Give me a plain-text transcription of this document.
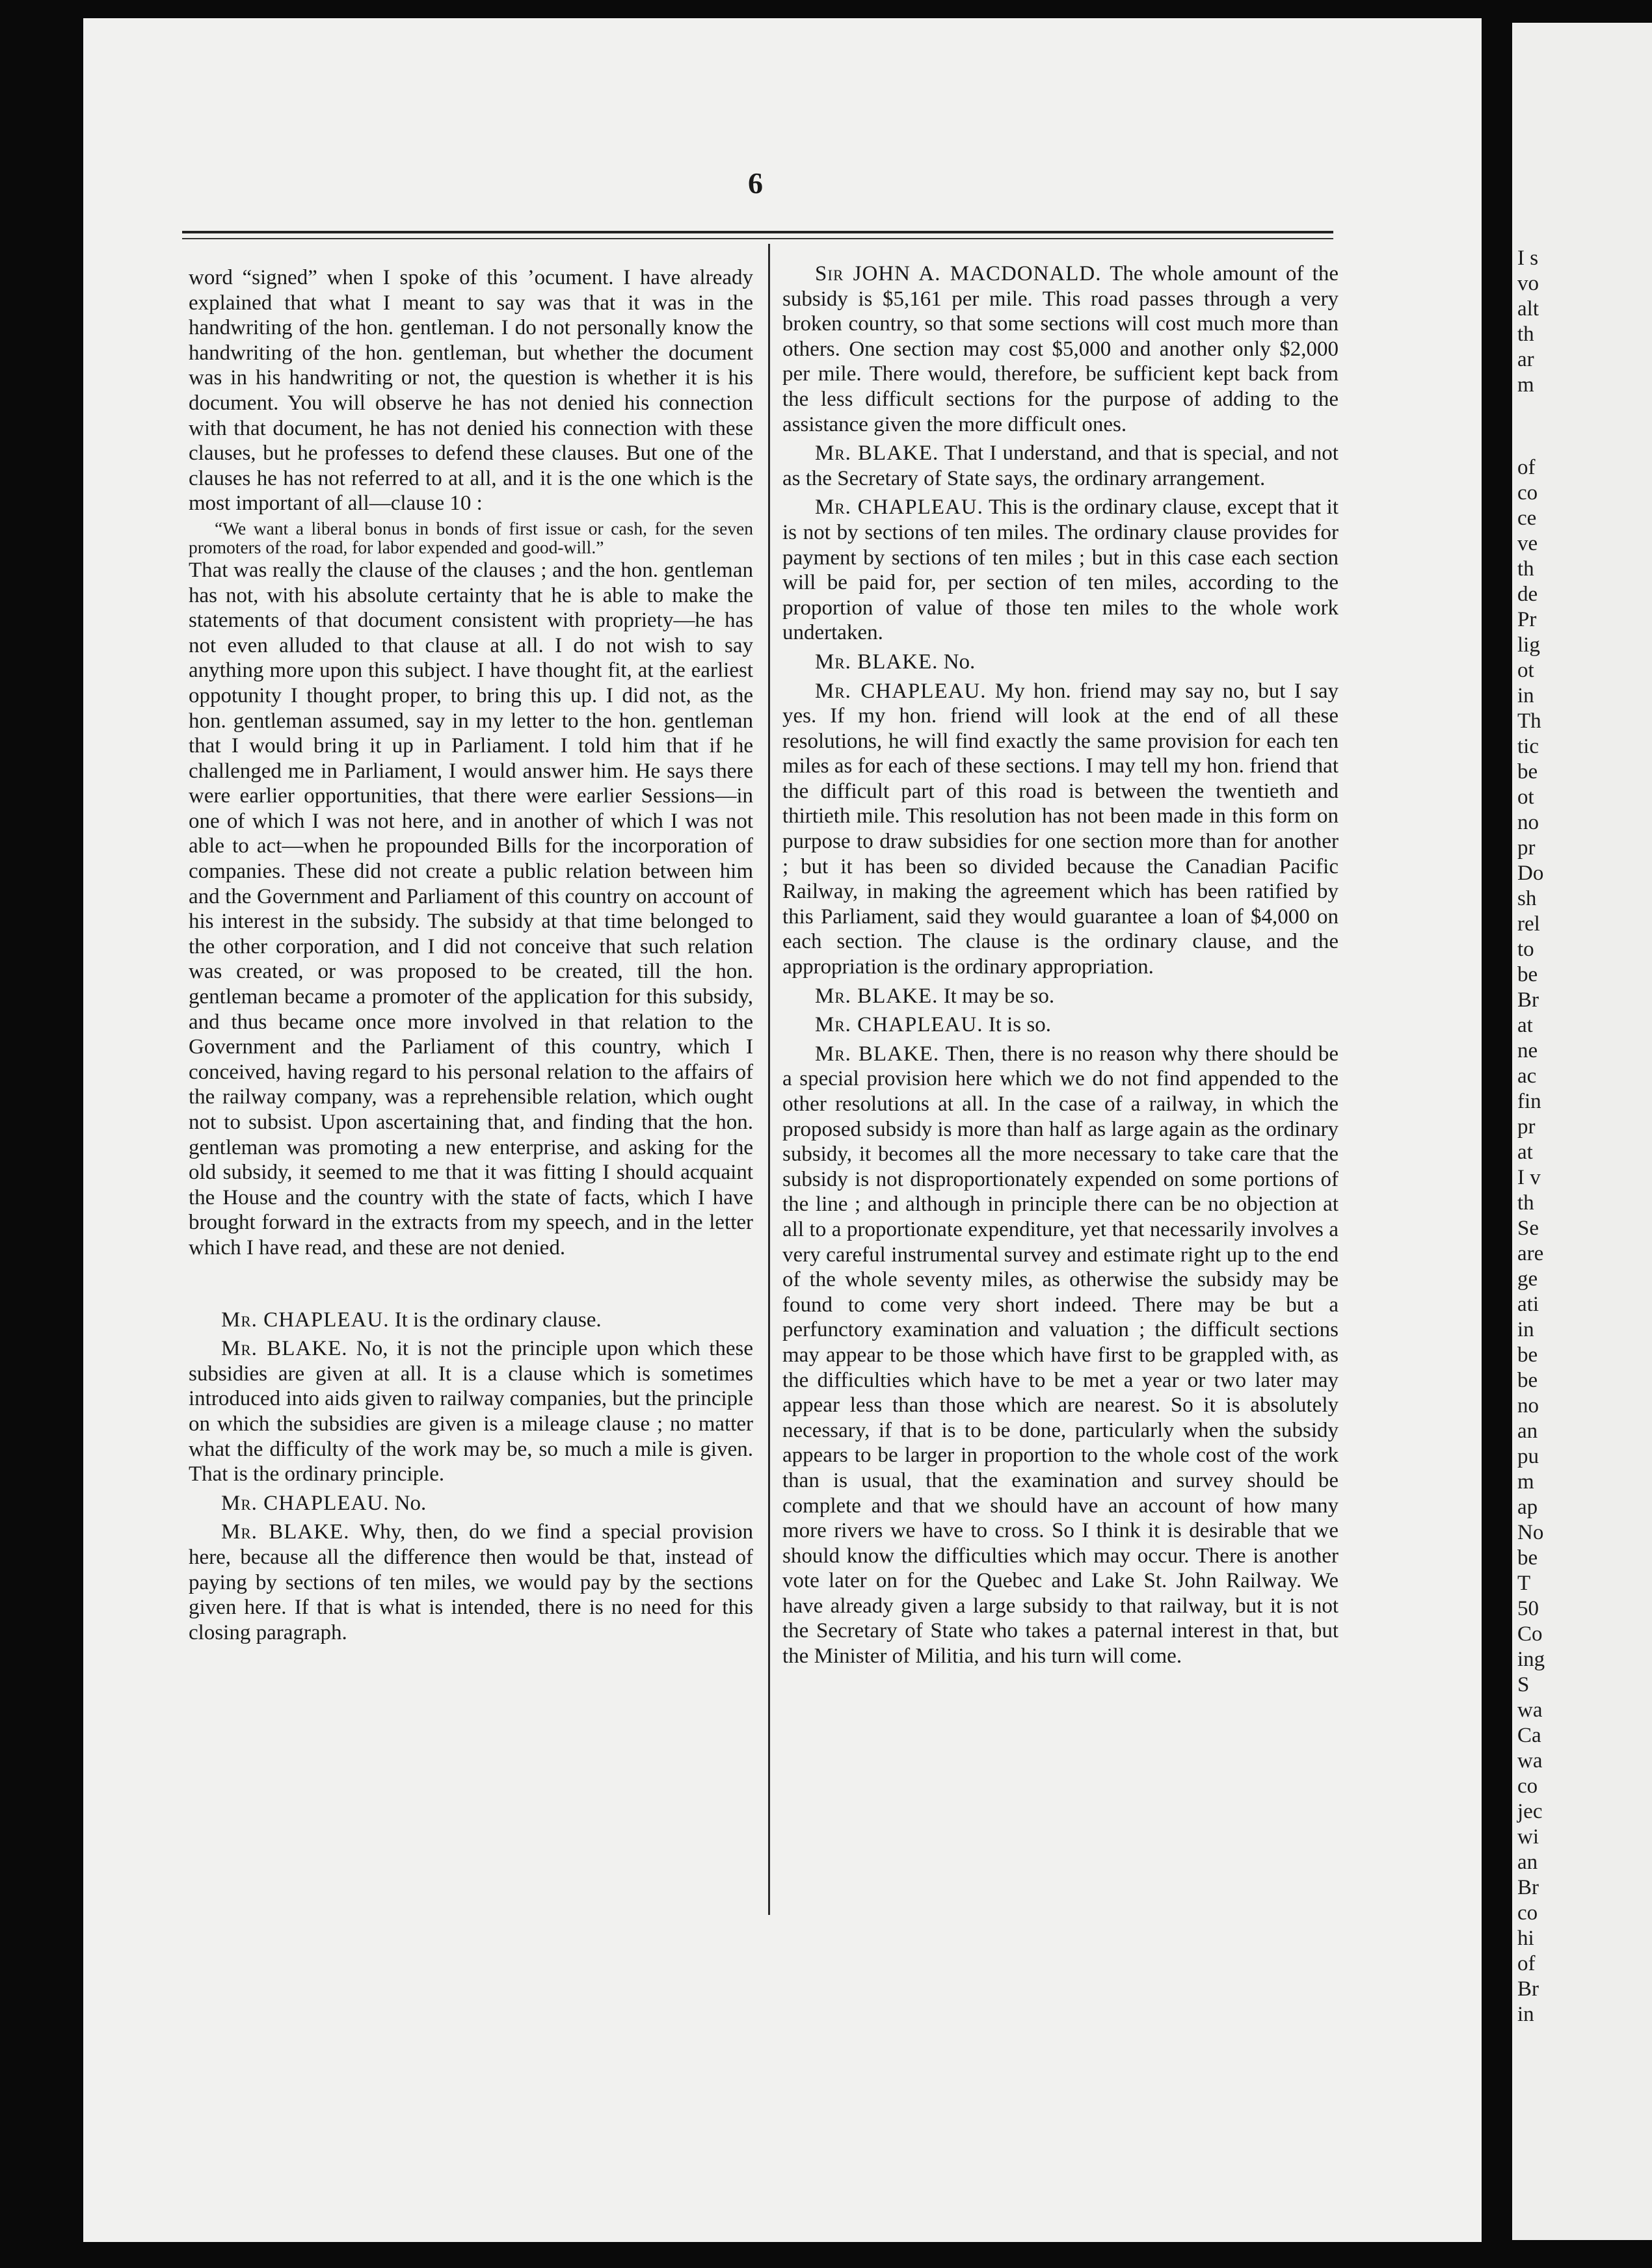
6

word “signed” when I spoke of this ’ocument. I have already explained that what I meant to say was that it was in the handwriting of the hon. gentleman. I do not personally know the handwriting of the hon. gentleman, but whether the document was in his handwriting or not, the question is whether it is his document. You will observe he has not denied his connection with that document, he has not denied his connection with these clauses, but he professes to defend these clauses. But one of the clauses he has not referred to at all, and it is the one which is the most important of all—clause 10 :

“We want a liberal bonus in bonds of first issue or cash, for the seven promoters of the road, for labor expended and good-will.”

That was really the clause of the clauses ; and the hon. gentleman has not, with his absolute certainty that he is able to make the statements of that document consistent with propriety—he has not even alluded to that clause at all. I do not wish to say anything more upon this subject. I have thought fit, at the earliest oppotunity I thought proper, to bring this up. I did not, as the hon. gentleman assumed, say in my letter to the hon. gentleman that I would bring it up in Parliament. I told him that if he challenged me in Parliament, I would answer him. He says there were earlier opportunities, that there were earlier Sessions—in one of which I was not here, and in another of which I was not able to act—when he propounded Bills for the incorporation of companies. These did not create a public relation between him and the Government and Parliament of this country on account of his interest in the subsidy. The subsidy at that time belonged to the other corporation, and I did not conceive that such relation was created, or was proposed to be created, till the hon. gentleman became a promoter of the application for this subsidy, and thus became once more involved in that relation to the Government and the Parliament of this country, which I conceived, having regard to his personal relation to the affairs of the railway company, was a reprehensible relation, which ought not to subsist. Upon ascertaining that, and finding that the hon. gentleman was promoting a new enterprise, and asking for the old subsidy, it seemed to me that it was fitting I should acquaint the House and the country with the state of facts, which I have brought forward in the extracts from my speech, and in the letter which I have read, and these are not denied.

Mr. CHAPLEAU. It is the ordinary clause.

Mr. BLAKE. No, it is not the principle upon which these subsidies are given at all. It is a clause which is sometimes introduced into aids given to railway companies, but the principle on which the subsidies are given is a mileage clause ; no matter what the difficulty of the work may be, so much a mile is given. That is the ordinary principle.

Mr. CHAPLEAU. No.

Mr. BLAKE. Why, then, do we find a special provision here, because all the difference then would be that, instead of paying by sections of ten miles, we would pay by the sections given here. If that is what is intended, there is no need for this closing paragraph.

Sir JOHN A. MACDONALD. The whole amount of the subsidy is $5,161 per mile. This road passes through a very broken country, so that some sections will cost much more than others. One section may cost $5,000 and another only $2,000 per mile. There would, therefore, be sufficient kept back from the less difficult sections for the purpose of adding to the assistance given the more difficult ones.

Mr. BLAKE. That I understand, and that is special, and not as the Secretary of State says, the ordinary arrangement.

Mr. CHAPLEAU. This is the ordinary clause, except that it is not by sections of ten miles. The ordinary clause provides for payment by sections of ten miles ; but in this case each section will be paid for, per section of ten miles, according to the proportion of value of those ten miles to the whole work undertaken.

Mr. BLAKE. No.

Mr. CHAPLEAU. My hon. friend may say no, but I say yes. If my hon. friend will look at the end of all these resolutions, he will find exactly the same provision for each ten miles as for each of these sections. I may tell my hon. friend that the difficult part of this road is between the twentieth and thirtieth mile. This resolution has not been made in this form on purpose to draw subsidies for one section more than for another ; but it has been so divided because the Canadian Pacific Railway, in making the agreement which has been ratified by this Parliament, said they would guarantee a loan of $4,000 on each section. The clause is the ordinary clause, and the appropriation is the ordinary appropriation.

Mr. BLAKE. It may be so.

Mr. CHAPLEAU. It is so.

Mr. BLAKE. Then, there is no reason why there should be a special provision here which we do not find appended to the other resolutions at all. In the case of a railway, in which the proposed subsidy is more than half as large again as the ordinary subsidy, it becomes all the more necessary to take care that the subsidy is not disproportionately expended on some portions of the line ; and although in principle there can be no objection at all to a proportionate expenditure, yet that necessarily involves a very careful instrumental survey and estimate right up to the end of the whole seventy miles, as otherwise the subsidy may be found to come very short indeed. There may be but a perfunctory examination and valuation ; the difficult sections may appear to be those which have first to be grappled with, as the difficulties which have to be met a year or two later may appear less than those which are nearest. So it is absolutely necessary, if that is to be done, particularly when the subsidy appears to be larger in proportion to the whole cost of the work than is usual, that the examination and survey should be complete and that we should have an account of how many more rivers we have to cross. So I think it is desirable that we should know the difficulties which may occur. There is another vote later on for the Quebec and Lake St. John Railway. We have already given a large subsidy to that railway, but it is not the Secretary of State who takes a paternal interest in that, but the Minister of Militia, and his turn will come.

I s
vo
alt
th
ar
m
of
co
ce
ve
th
de
Pr
lig
ot
in
Th
tic
be
ot
no
pr
Do
sh
rel
to
be
Br
at
ne
ac
fin
pr
at
I v
th
Se
are
ge
ati
in
be
be
no
an
pu
m
ap
No
be
T
50
Co
ing
S
wa
Ca
wa
co
jec
wi
an
Br
co
hi
of
Br
in
